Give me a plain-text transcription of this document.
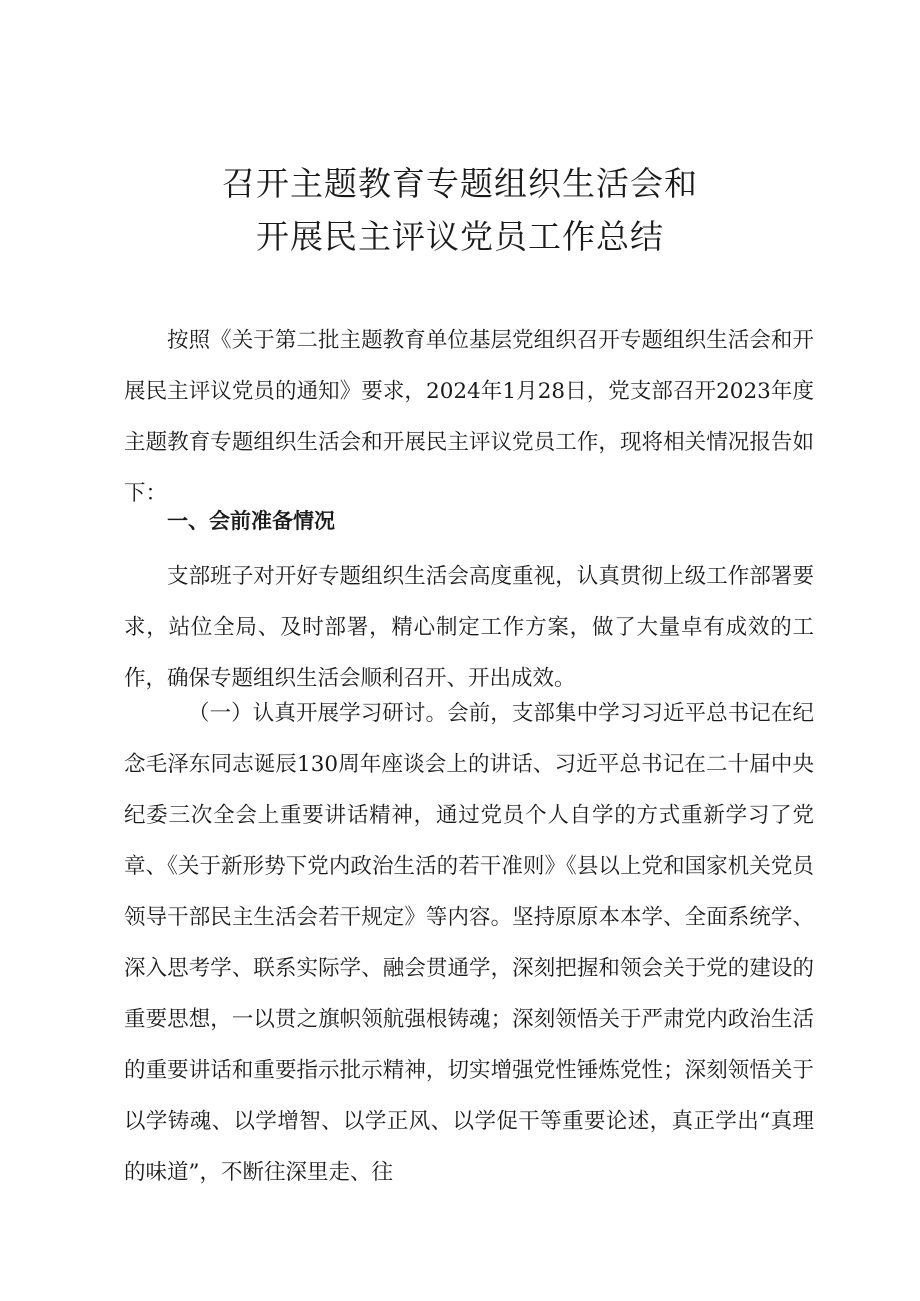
召开主题教育专题组织生活会和
开展民主评议党员工作总结

按照《关于第二批主题教育单位基层党组织召开专题组织生活会和开展民主评议党员的通知》要求，2024年1月28日，党支部召开2023年度主题教育专题组织生活会和开展民主评议党员工作，现将相关情况报告如下：

一、会前准备情况

支部班子对开好专题组织生活会高度重视，认真贯彻上级工作部署要求，站位全局、及时部署，精心制定工作方案，做了大量卓有成效的工作，确保专题组织生活会顺利召开、开出成效。

（一）认真开展学习研讨。会前，支部集中学习习近平总书记在纪念毛泽东同志诞辰130周年座谈会上的讲话、习近平总书记在二十届中央纪委三次全会上重要讲话精神，通过党员个人自学的方式重新学习了党章、《关于新形势下党内政治生活的若干准则》《县以上党和国家机关党员领导干部民主生活会若干规定》等内容。坚持原原本本学、全面系统学、深入思考学、联系实际学、融会贯通学，深刻把握和领会关于党的建设的重要思想，一以贯之旗帜领航强根铸魂；深刻领悟关于严肃党内政治生活的重要讲话和重要指示批示精神，切实增强党性锤炼党性；深刻领悟关于以学铸魂、以学增智、以学正风、以学促干等重要论述，真正学出“真理的味道”，不断往深里走、往
